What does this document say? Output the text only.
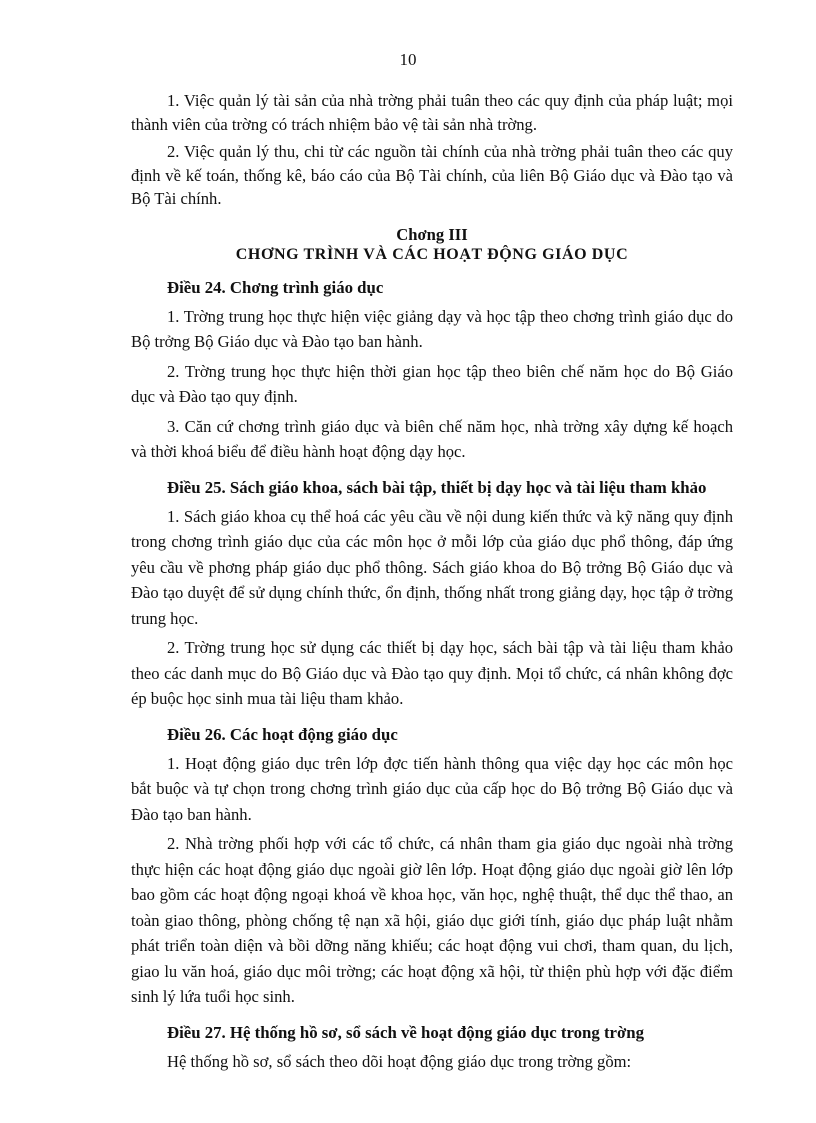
10

1. Việc quản lý tài sản của nhà trờng phải tuân theo các quy định của pháp luật; mọi thành viên của trờng có trách nhiệm bảo vệ tài sản nhà trờng.

2. Việc quản lý thu, chi từ các nguồn tài chính của nhà trờng phải tuân theo các quy định về kế toán, thống kê, báo cáo của Bộ Tài chính, của liên Bộ Giáo dục và Đào tạo và Bộ Tài chính.

Chơng III

CHƠNG TRÌNH VÀ CÁC HOẠT ĐỘNG GIÁO DỤC

Điều 24. Chơng trình giáo dục

1. Trờng trung học thực hiện việc giảng dạy và học tập theo chơng trình giáo dục do Bộ trởng Bộ Giáo dục và Đào tạo ban hành.

2. Trờng trung học thực hiện thời gian học tập theo biên chế năm học do Bộ Giáo dục và Đào tạo quy định.

3. Căn cứ chơng trình giáo dục và biên chế năm học, nhà trờng xây dựng kế hoạch và thời khoá biểu để điều hành hoạt động dạy học.

Điều 25. Sách giáo khoa, sách bài tập, thiết bị dạy học và tài liệu tham khảo

1. Sách giáo khoa cụ thể hoá các yêu cầu về nội dung kiến thức và kỹ năng quy định trong chơng trình giáo dục của các môn học ở mỗi lớp của giáo dục phổ thông, đáp ứng yêu cầu về phơng pháp giáo dục phổ thông. Sách giáo khoa do Bộ trởng Bộ Giáo dục và Đào tạo duyệt để sử dụng chính thức, ổn định, thống nhất trong giảng dạy, học tập ở trờng trung học.

2. Trờng trung học sử dụng các thiết bị dạy học, sách bài tập và tài liệu tham khảo theo các danh mục do Bộ Giáo dục và Đào tạo quy định. Mọi tổ chức, cá nhân không đợc ép buộc học sinh mua tài liệu tham khảo.

Điều 26. Các hoạt động giáo dục

1. Hoạt động giáo dục trên lớp đợc tiến hành thông qua việc dạy học các môn học bắt buộc và tự chọn trong chơng trình giáo dục của cấp học do Bộ trởng Bộ Giáo dục và Đào tạo ban hành.

2. Nhà trờng phối hợp với các tổ chức, cá nhân tham gia giáo dục ngoài nhà trờng thực hiện các hoạt động giáo dục ngoài giờ lên lớp. Hoạt động giáo dục ngoài giờ lên lớp bao gồm các hoạt động ngoại khoá về khoa học, văn học, nghệ thuật, thể dục thể thao, an toàn giao thông, phòng chống tệ nạn xã hội, giáo dục giới tính, giáo dục pháp luật nhằm phát triển toàn diện và bồi dỡng năng khiếu; các hoạt động vui chơi, tham quan, du lịch, giao lu văn hoá, giáo dục môi trờng; các hoạt động xã hội, từ thiện phù hợp với đặc điểm sinh lý lứa tuổi học sinh.

Điều 27. Hệ thống hồ sơ, sổ sách về hoạt động giáo dục trong trờng

Hệ thống hồ sơ, sổ sách theo dõi hoạt động giáo dục trong trờng gồm:
